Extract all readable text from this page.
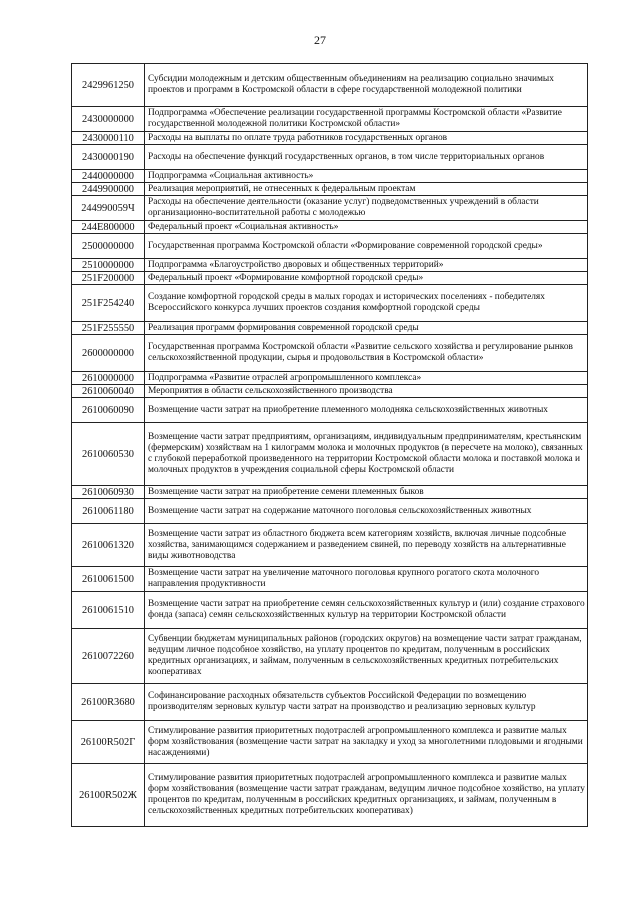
27
2429961250	Субсидии молодежным и детским общественным объединениям на реализацию социально значимых проектов и программ в Костромской области в сфере государственной молодежной политики
2430000000	Подпрограмма «Обеспечение реализации государственной программы Костромской области «Развитие государственной молодежной политики Костромской области»
2430000110	Расходы на выплаты по оплате труда работников государственных органов
2430000190	Расходы на обеспечение функций государственных органов, в том числе территориальных органов
2440000000	Подпрограмма «Социальная активность»
2449900000	Реализация мероприятий, не отнесенных к федеральным проектам
244990059Ч	Расходы на обеспечение деятельности (оказание услуг) подведомственных учреждений в области организационно-воспитательной работы с молодежью
244E800000	Федеральный проект «Социальная активность»
2500000000	Государственная программа Костромской области «Формирование современной городской среды»
2510000000	Подпрограмма «Благоустройство дворовых и общественных территорий»
251F200000	Федеральный проект «Формирование комфортной городской среды»
251F254240	Создание комфортной городской среды в малых городах и исторических поселениях - победителях Всероссийского конкурса лучших проектов создания комфортной городской среды
251F255550	Реализация программ формирования современной городской среды
2600000000	Государственная программа Костромской области «Развитие сельского хозяйства и регулирование рынков сельскохозяйственной продукции, сырья и продовольствия в Костромской области»
2610000000	Подпрограмма «Развитие отраслей агропромышленного комплекса»
2610060040	Мероприятия в области сельскохозяйственного производства
2610060090	Возмещение части затрат на приобретение племенного молодняка сельскохозяйственных животных
2610060530	Возмещение части затрат предприятиям, организациям, индивидуальным предпринимателям, крестьянским (фермерским) хозяйствам на 1 килограмм молока и молочных продуктов (в пересчете на молоко), связанных с глубокой переработкой произведенного на территории Костромской области молока и поставкой молока и молочных продуктов в учреждения социальной сферы Костромской области
2610060930	Возмещение части затрат на приобретение семени племенных быков
2610061180	Возмещение части затрат на содержание маточного поголовья сельскохозяйственных животных
2610061320	Возмещение части затрат из областного бюджета всем категориям хозяйств, включая личные подсобные хозяйства, занимающимся содержанием и разведением свиней, по переводу хозяйств на альтернативные виды животноводства
2610061500	Возмещение части затрат на увеличение маточного поголовья крупного рогатого скота молочного направления продуктивности
2610061510	Возмещение части затрат на приобретение семян сельскохозяйственных культур и (или) создание страхового фонда (запаса) семян сельскохозяйственных культур на территории Костромской области
2610072260	Субвенции бюджетам муниципальных районов (городских округов) на возмещение части затрат гражданам, ведущим личное подсобное хозяйство, на уплату процентов по кредитам, полученным в российских кредитных организациях, и займам, полученным в сельскохозяйственных кредитных потребительских кооперативах
26100R3680	Софинансирование расходных обязательств субъектов Российской Федерации по возмещению производителям зерновых культур части затрат на производство и реализацию зерновых культур
26100R502Г	Стимулирование развития приоритетных подотраслей агропромышленного комплекса и развитие малых форм хозяйствования (возмещение части затрат на закладку и уход за многолетними плодовыми и ягодными насаждениями)
26100R502Ж	Стимулирование развития приоритетных подотраслей агропромышленного комплекса и развитие малых форм хозяйствования (возмещение части затрат гражданам, ведущим личное подсобное хозяйство, на уплату процентов по кредитам, полученным в российских кредитных организациях, и займам, полученным в сельскохозяйственных кредитных потребительских кооперативах)
